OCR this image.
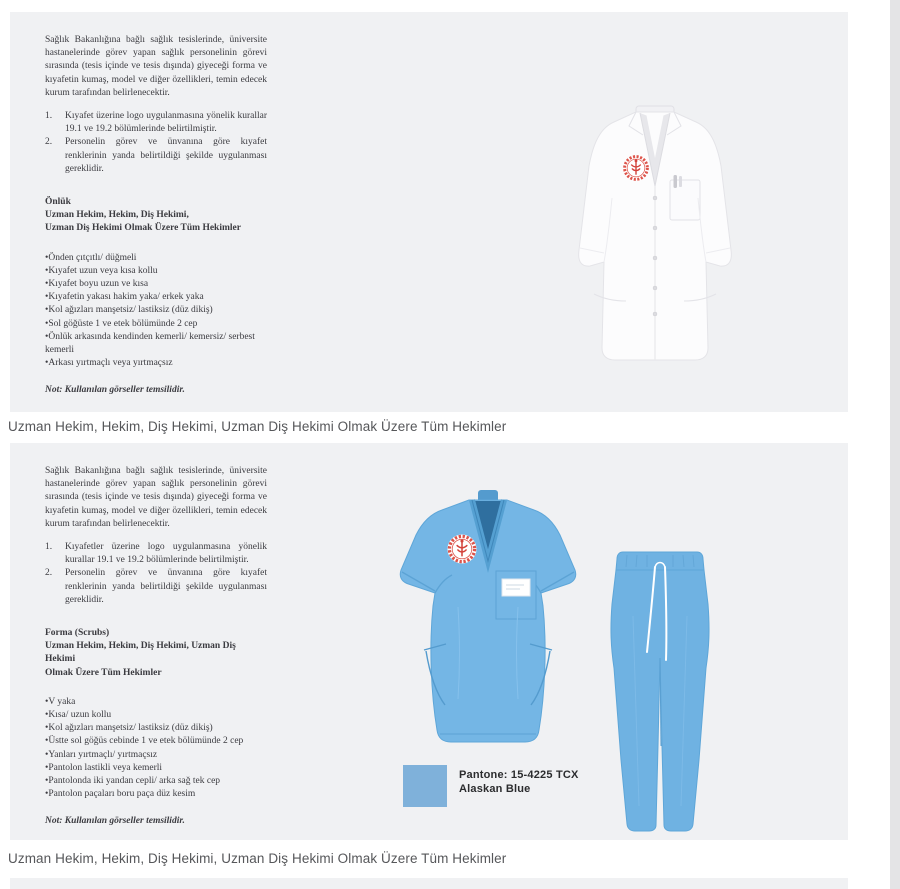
Sağlık Bakanlığına bağlı sağlık tesislerinde, üniversite hastanelerinde görev yapan sağlık personelinin görevi sırasında (tesis içinde ve tesis dışında) giyeceği forma ve kıyafetin kumaş, model ve diğer özellikleri, temin edecek kurum tarafından belirlenecektir.
1.	Kıyafet üzerine logo uygulanmasına yönelik kurallar 19.1 ve 19.2 bölümlerinde belirtilmiştir.
2.	Personelin görev ve ünvanına göre kıyafet renklerinin yanda belirtildiği şekilde uygulanması gereklidir.
Önlük
Uzman Hekim, Hekim, Diş Hekimi,
Uzman Diş Hekimi Olmak Üzere Tüm Hekimler
• Önden çıtçıtlı/ düğmeli
• Kıyafet uzun veya kısa kollu
• Kıyafet boyu uzun ve kısa
• Kıyafetin yakası hakim yaka/ erkek yaka
• Kol ağızları manşetsiz/ lastiksiz (düz dikiş)
• Sol göğüste 1 ve etek bölümünde 2 cep
• Önlük arkasında kendinden kemerli/ kemersiz/ serbest kemerli
• Arkası yırtmaçlı veya yırtmaçsız
Not: Kullanılan görseller temsilidir.
Uzman Hekim, Hekim, Diş Hekimi, Uzman Diş Hekimi Olmak Üzere Tüm Hekimler
Sağlık Bakanlığına bağlı sağlık tesislerinde, üniversite hastanelerinde görev yapan sağlık personelinin görevi sırasında (tesis içinde ve tesis dışında) giyeceği forma ve kıyafetin kumaş, model ve diğer özellikleri, temin edecek kurum tarafından belirlenecektir.
1.	Kıyafetler üzerine logo uygulanmasına yönelik kurallar 19.1 ve 19.2 bölümlerinde belirtilmiştir.
2.	Personelin görev ve ünvanına göre kıyafet renklerinin yanda belirtildiği şekilde uygulanması gereklidir.
Forma (Scrubs)
Uzman Hekim, Hekim, Diş Hekimi, Uzman Diş Hekimi
Olmak Üzere Tüm Hekimler
• V yaka
• Kısa/ uzun kollu
• Kol ağızları manşetsiz/ lastiksiz (düz dikiş)
• Üstte sol göğüs cebinde 1 ve etek bölümünde 2 cep
• Yanları yırtmaçlı/ yırtmaçsız
• Pantolon lastikli veya kemerli
• Pantolonda iki yandan cepli/ arka sağ tek cep
• Pantolon paçaları boru paça düz kesim
Not: Kullanılan görseller temsilidir.
Pantone: 15-4225 TCX
Alaskan Blue
Uzman Hekim, Hekim, Diş Hekimi, Uzman Diş Hekimi Olmak Üzere Tüm Hekimler
